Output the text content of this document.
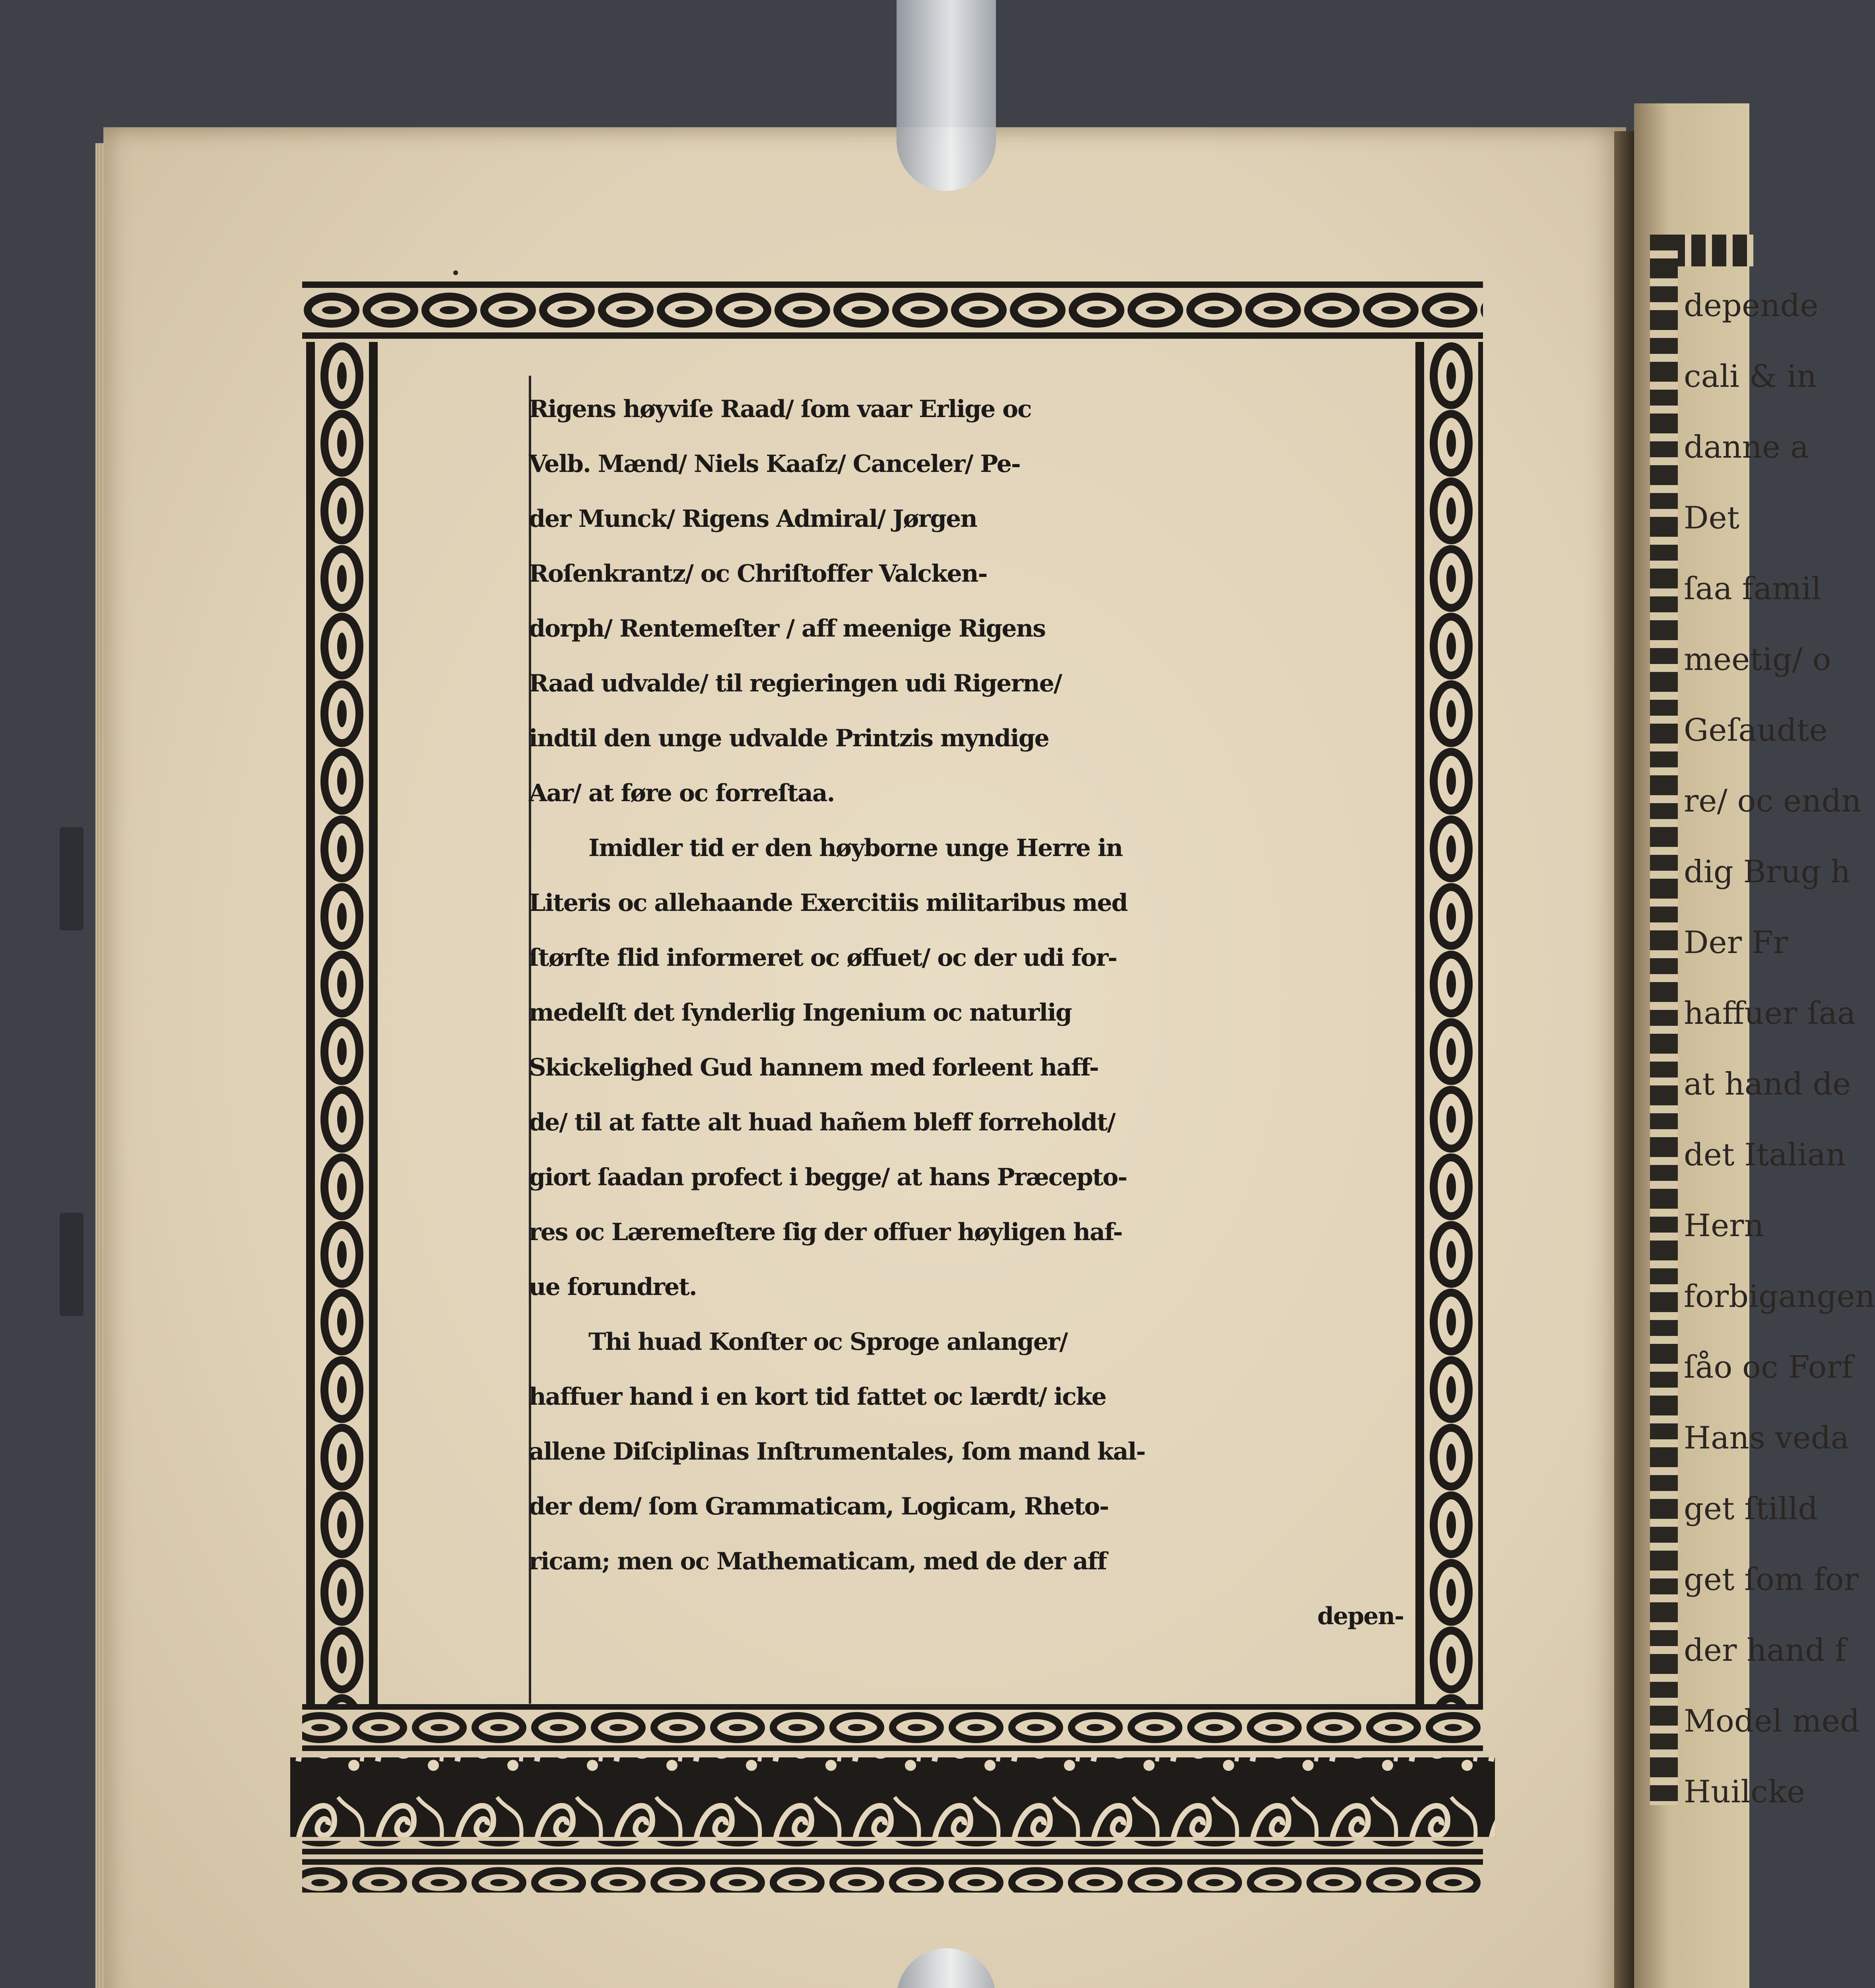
depende
cali & in
danne a
Det
ſaa famil
meetig/ o
Geſaudte
re/ oc endn
dig Brug h
Der Fr
haffuer ſaa
at hand de
det Italian
Hern
forbigangen
ſåo oc Forf
Hans veda
get ſtilld
get ſom for
der hand f
Model med
Huilcke
Rigens høyviſe Raad/ ſom vaar Erlige oc
Velb. Mænd/ Niels Kaaſz/ Canceler/ Pe-
der Munck/ Rigens Admiral/ Jørgen
Roſenkrantz/ oc Chriſtoffer Valcken-
dorph/ Rentemeſter / aff meenige Rigens
Raad udvalde/ til regieringen udi Rigerne/
indtil den unge udvalde Printzis myndige
Aar/ at føre oc forreſtaa.
Imidler tid er den høyborne unge Herre in
Literis oc allehaande Exercitiis militaribus med
ſtørſte flid informeret oc øffuet/ oc der udi for-
medelſt det ſynderlig Ingenium oc naturlig
Skickelighed Gud hannem med forleent haff-
de/ til at fatte alt huad hañem bleff forreholdt/
giort ſaadan profect i begge/ at hans Præcepto-
res oc Læremeſtere ſig der offuer høyligen haf-
ue forundret.
Thi huad Konſter oc Sproge anlanger/
haffuer hand i en kort tid fattet oc lærdt/ icke
allene Diſciplinas Inſtrumentales, ſom mand kal-
der dem/ ſom Grammaticam, Logicam, Rheto-
ricam; men oc Mathematicam, med de der aff
depen-
